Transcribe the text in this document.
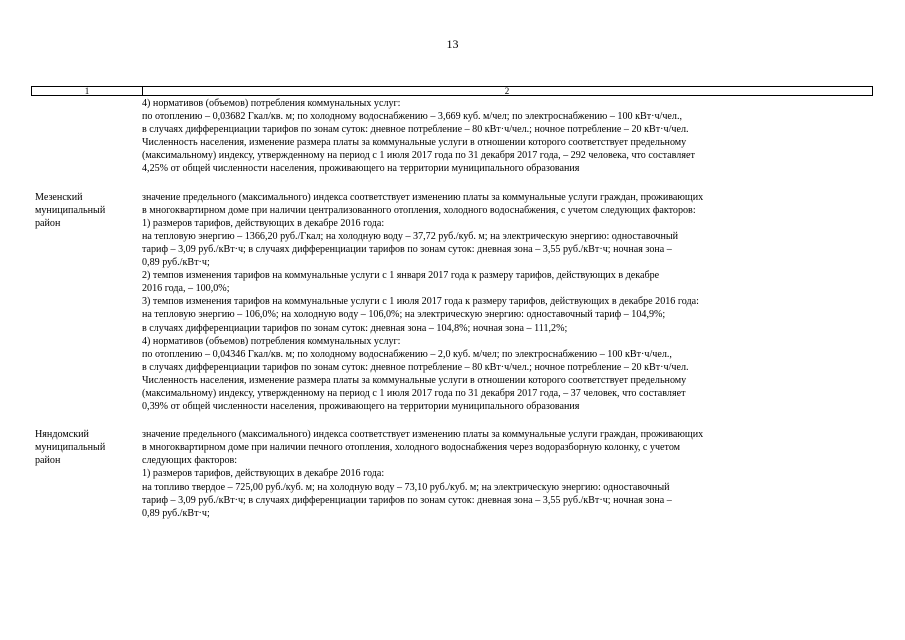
13
1	2
4) нормативов (объемов) потребления коммунальных услуг:
по отоплению – 0,03682 Гкал/кв. м; по холодному водоснабжению – 3,669 куб. м/чел; по электроснабжению – 100 кВт·ч/чел.,
в случаях дифференциации тарифов по зонам суток: дневное потребление – 80 кВт·ч/чел.; ночное потребление – 20 кВт·ч/чел.
Численность населения, изменение размера платы за коммунальные услуги в отношении которого соответствует предельному
(максимальному) индексу, утвержденному на период с 1 июля 2017 года по 31 декабря 2017 года, – 292 человека, что составляет
4,25% от общей численности населения, проживающего на территории муниципального образования
Мезенский
муниципальный
район
значение предельного (максимального) индекса соответствует изменению платы за коммунальные услуги граждан, проживающих
в многоквартирном доме при наличии централизованного отопления, холодного водоснабжения, с учетом следующих факторов:
1) размеров тарифов, действующих в декабре 2016 года:
на тепловую энергию – 1366,20 руб./Гкал; на холодную воду – 37,72 руб./куб. м; на электрическую энергию: одноставочный
тариф – 3,09 руб./кВт·ч; в случаях дифференциации тарифов по зонам суток: дневная зона – 3,55 руб./кВт·ч; ночная зона –
0,89 руб./кВт·ч;
2) темпов изменения тарифов на коммунальные услуги с 1 января 2017 года к размеру тарифов, действующих в декабре
2016 года, – 100,0%;
3) темпов изменения тарифов на коммунальные услуги с 1 июля 2017 года к размеру тарифов, действующих в декабре 2016 года:
на тепловую энергию – 106,0%; на холодную воду – 106,0%; на электрическую энергию: одноставочный тариф – 104,9%;
в случаях дифференциации тарифов по зонам суток: дневная зона – 104,8%; ночная зона – 111,2%;
4) нормативов (объемов) потребления коммунальных услуг:
по отоплению – 0,04346 Гкал/кв. м; по холодному водоснабжению – 2,0 куб. м/чел; по электроснабжению – 100 кВт·ч/чел.,
в случаях дифференциации тарифов по зонам суток: дневное потребление – 80 кВт·ч/чел.; ночное потребление – 20 кВт·ч/чел.
Численность населения, изменение размера платы за коммунальные услуги в отношении которого соответствует предельному
(максимальному) индексу, утвержденному на период с 1 июля 2017 года по 31 декабря 2017 года, – 37 человек, что составляет
0,39% от общей численности населения, проживающего на территории муниципального образования
Няндомский
муниципальный
район
значение предельного (максимального) индекса соответствует изменению платы за коммунальные услуги граждан, проживающих
в многоквартирном доме при наличии печного отопления, холодного водоснабжения через водоразборную колонку, с учетом
следующих факторов:
1) размеров тарифов, действующих в декабре 2016 года:
на топливо твердое – 725,00 руб./куб. м; на холодную воду – 73,10 руб./куб. м; на электрическую энергию: одноставочный
тариф – 3,09 руб./кВт·ч; в случаях дифференциации тарифов по зонам суток: дневная зона – 3,55 руб./кВт·ч; ночная зона –
0,89 руб./кВт·ч;
